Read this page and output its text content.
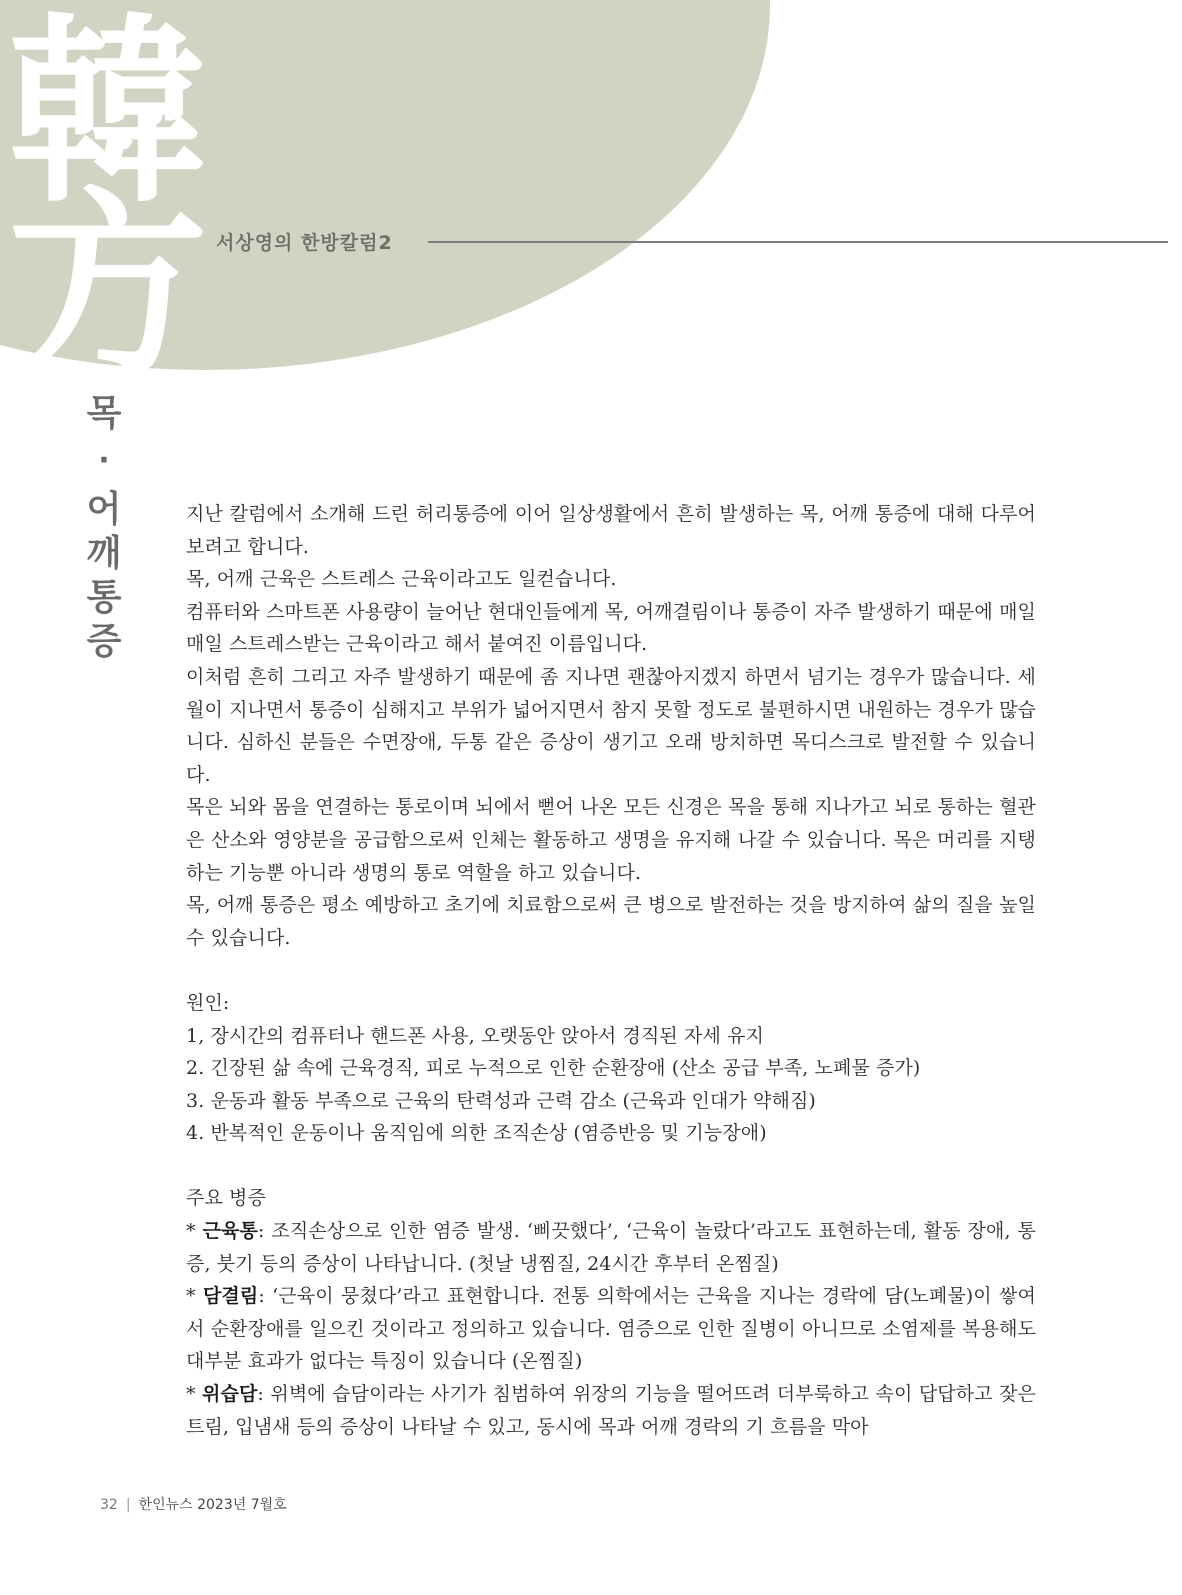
韓
方 서상영의 한방칼럼2
목
·
어
깨
통
증

지난 칼럼에서 소개해 드린 허리통증에 이어 일상생활에서 흔히 발생하는 목, 어깨 통증에 대해 다루어 보려고 합니다.

목, 어깨 근육은 스트레스 근육이라고도 일컫습니다.

컴퓨터와 스마트폰 사용량이 늘어난 현대인들에게 목, 어깨결림이나 통증이 자주 발생하기 때문에 매일매일 스트레스받는 근육이라고 해서 붙여진 이름입니다.

이처럼 흔히 그리고 자주 발생하기 때문에 좀 지나면 괜찮아지겠지 하면서 넘기는 경우가 많습니다. 세월이 지나면서 통증이 심해지고 부위가 넓어지면서 참지 못할 정도로 불편하시면 내원하는 경우가 많습니다. 심하신 분들은 수면장애, 두통 같은 증상이 생기고 오래 방치하면 목디스크로 발전할 수 있습니다.

목은 뇌와 몸을 연결하는 통로이며 뇌에서 뻗어 나온 모든 신경은 목을 통해 지나가고 뇌로 통하는 혈관은 산소와 영양분을 공급함으로써 인체는 활동하고 생명을 유지해 나갈 수 있습니다. 목은 머리를 지탱하는 기능뿐 아니라 생명의 통로 역할을 하고 있습니다.

목, 어깨 통증은 평소 예방하고 초기에 치료함으로써 큰 병으로 발전하는 것을 방지하여 삶의 질을 높일 수 있습니다.

원인:

1, 장시간의 컴퓨터나 핸드폰 사용, 오랫동안 앉아서 경직된 자세 유지

2. 긴장된 삶 속에 근육경직, 피로 누적으로 인한 순환장애 (산소 공급 부족, 노폐물 증가)

3. 운동과 활동 부족으로 근육의 탄력성과 근력 감소 (근육과 인대가 약해짐)

4. 반복적인 운동이나 움직임에 의한 조직손상 (염증반응 및 기능장애)

주요 병증

* 근육통: 조직손상으로 인한 염증 발생. ‘삐끗했다’, ‘근육이 놀랐다’라고도 표현하는데, 활동 장애, 통증, 붓기 등의 증상이 나타납니다. (첫날 냉찜질, 24시간 후부터 온찜질)

* 담결림: ‘근육이 뭉쳤다’라고 표현합니다. 전통 의학에서는 근육을 지나는 경락에 담(노폐물)이 쌓여서 순환장애를 일으킨 것이라고 정의하고 있습니다. 염증으로 인한 질병이 아니므로 소염제를 복용해도 대부분 효과가 없다는 특징이 있습니다 (온찜질)

* 위습담: 위벽에 습담이라는 사기가 침범하여 위장의 기능을 떨어뜨려 더부룩하고 속이 답답하고 잦은 트림, 입냄새 등의 증상이 나타날 수 있고, 동시에 목과 어깨 경락의 기 흐름을 막아

32 | 한인뉴스 2023년 7월호
